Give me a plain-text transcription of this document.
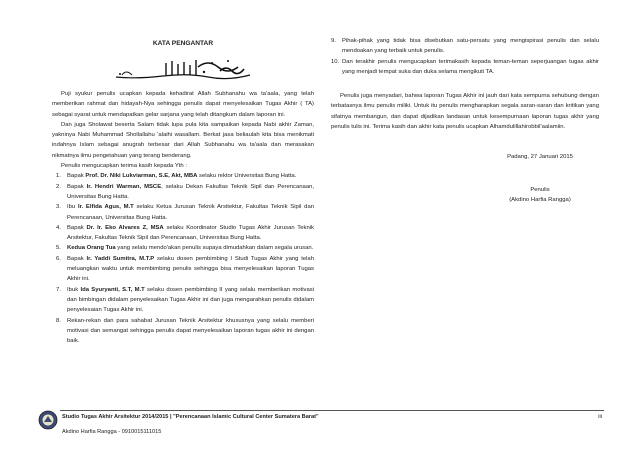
KATA PENGANTAR

Puji syukur penulis ucapkan kepada kehadirat Allah Subhanahu wa ta'aala, yang telah memberikan rahmat dan hidayah-Nya sehingga penulis dapat menyelesaikan Tugas Akhir ( TA) sebagai syarat untuk mendapatkan gelar sarjana yang telah ditangkum dalam laporan ini.

Dan juga Sholawat beserta Salam tidak lupa pula kita sampaikan kepada Nabi akhir Zaman, yakninya Nabi Muhammad Shollallahu 'alaihi wasallam. Berkat jasa beliaulah kita bisa menikmati indahnya Islam sebagai anugrah terbesar dari Allah Subhanahu wa ta'aala dan merasakan nikmatnya ilmu pengetahuan yang terang benderang.

Penulis mengucapkan terima kasih kepada Yth :

1.	Bapak Prof. Dr. Niki Lukviarman, S.E, Akt, MBA selaku rektor Universitas Bung Hatta.
2.	Bapak Ir. Hendri Warman, MSCE, selaku Dekan Fakultas Teknik Sipil dan Perencanaan, Universitas Bung Hatta.
3.	Ibu Ir. Elfida Agus, M.T selaku Ketua Jurusan Teknik Arsitektur, Fakultas Teknik Sipil dan Perencanaan, Universitas Bung Hatta.
4.	Bapak Dr. Ir. Eko Alvares Z, MSA selaku Koordinator Studio Tugas Akhir Jurusan Teknik Arsitektur, Fakultas Teknik Sipil dan Perencanaan, Universitas Bung Hatta.
5.	Kedua Orang Tua yang selalu mendo'akan penulis supaya dimudahkan dalam segala urusan.
6.	Bapak Ir. Yaddi Sumitra, M.T.P selaku dosen pembimbing I Studi Tugas Akhir yang telah meluangkan waktu untuk membimbing penulis sehingga bisa menyelesaikan laporan Tugas Akhir ini.
7.	Ibuk Ida Syuryanti, S.T, M.T selaku dosen pembimbing II yang selalu memberikan motivasi dan bimbingan didalam penyelesaikan Tugas Akhir ini dan juga mengarahkan penulis didalam penyelesaian Tugas Akhir ini.
8.	Rekan-rekan dan para sahabat Jurusan Teknik Arsitektur khususnya yang selalu memberi motivasi dan semangat sehingga penulis dapat menyelesaikan laporan tugas akhir ini dengan baik.
9.	Pihak-pihak yang tidak bisa disebutkan satu-persatu yang mengispirasi penulis dan selalu mendoakan yang terbaik untuk penulis.
10. Dan terakhir penulis mengucapkan terimakasih kepada teman-teman seperjuangan tugas akhir yang menjadi tempat suka dan duka selama mengikuti TA.

Penulis juga menyadari, bahwa laporan Tugas Akhir ini jauh dari kata sempurna sehubung dengan terbatasnya ilmu penulis miliki. Untuk itu penulis mengharapkan segala saran-saran dan kritikan yang sifatnya membangun, dan dapat dijadikan landasan untuk kesempurnaan laporan tugas akhir yang penulis tulis ini. Terima kasih dan akhir kata penulis ucapkan Alhamdulillahirobbil'aalamiin.

Padang, 27 Januari 2015
Penulis
(Akdino Harfia Rangga)
Studio Tugas Akhir Arsitektur 2014/2015 | "Perencanaan Islamic Cultural Center Sumatera Barat"
Akdino Harfia Rangga - 0910015111015
iii
